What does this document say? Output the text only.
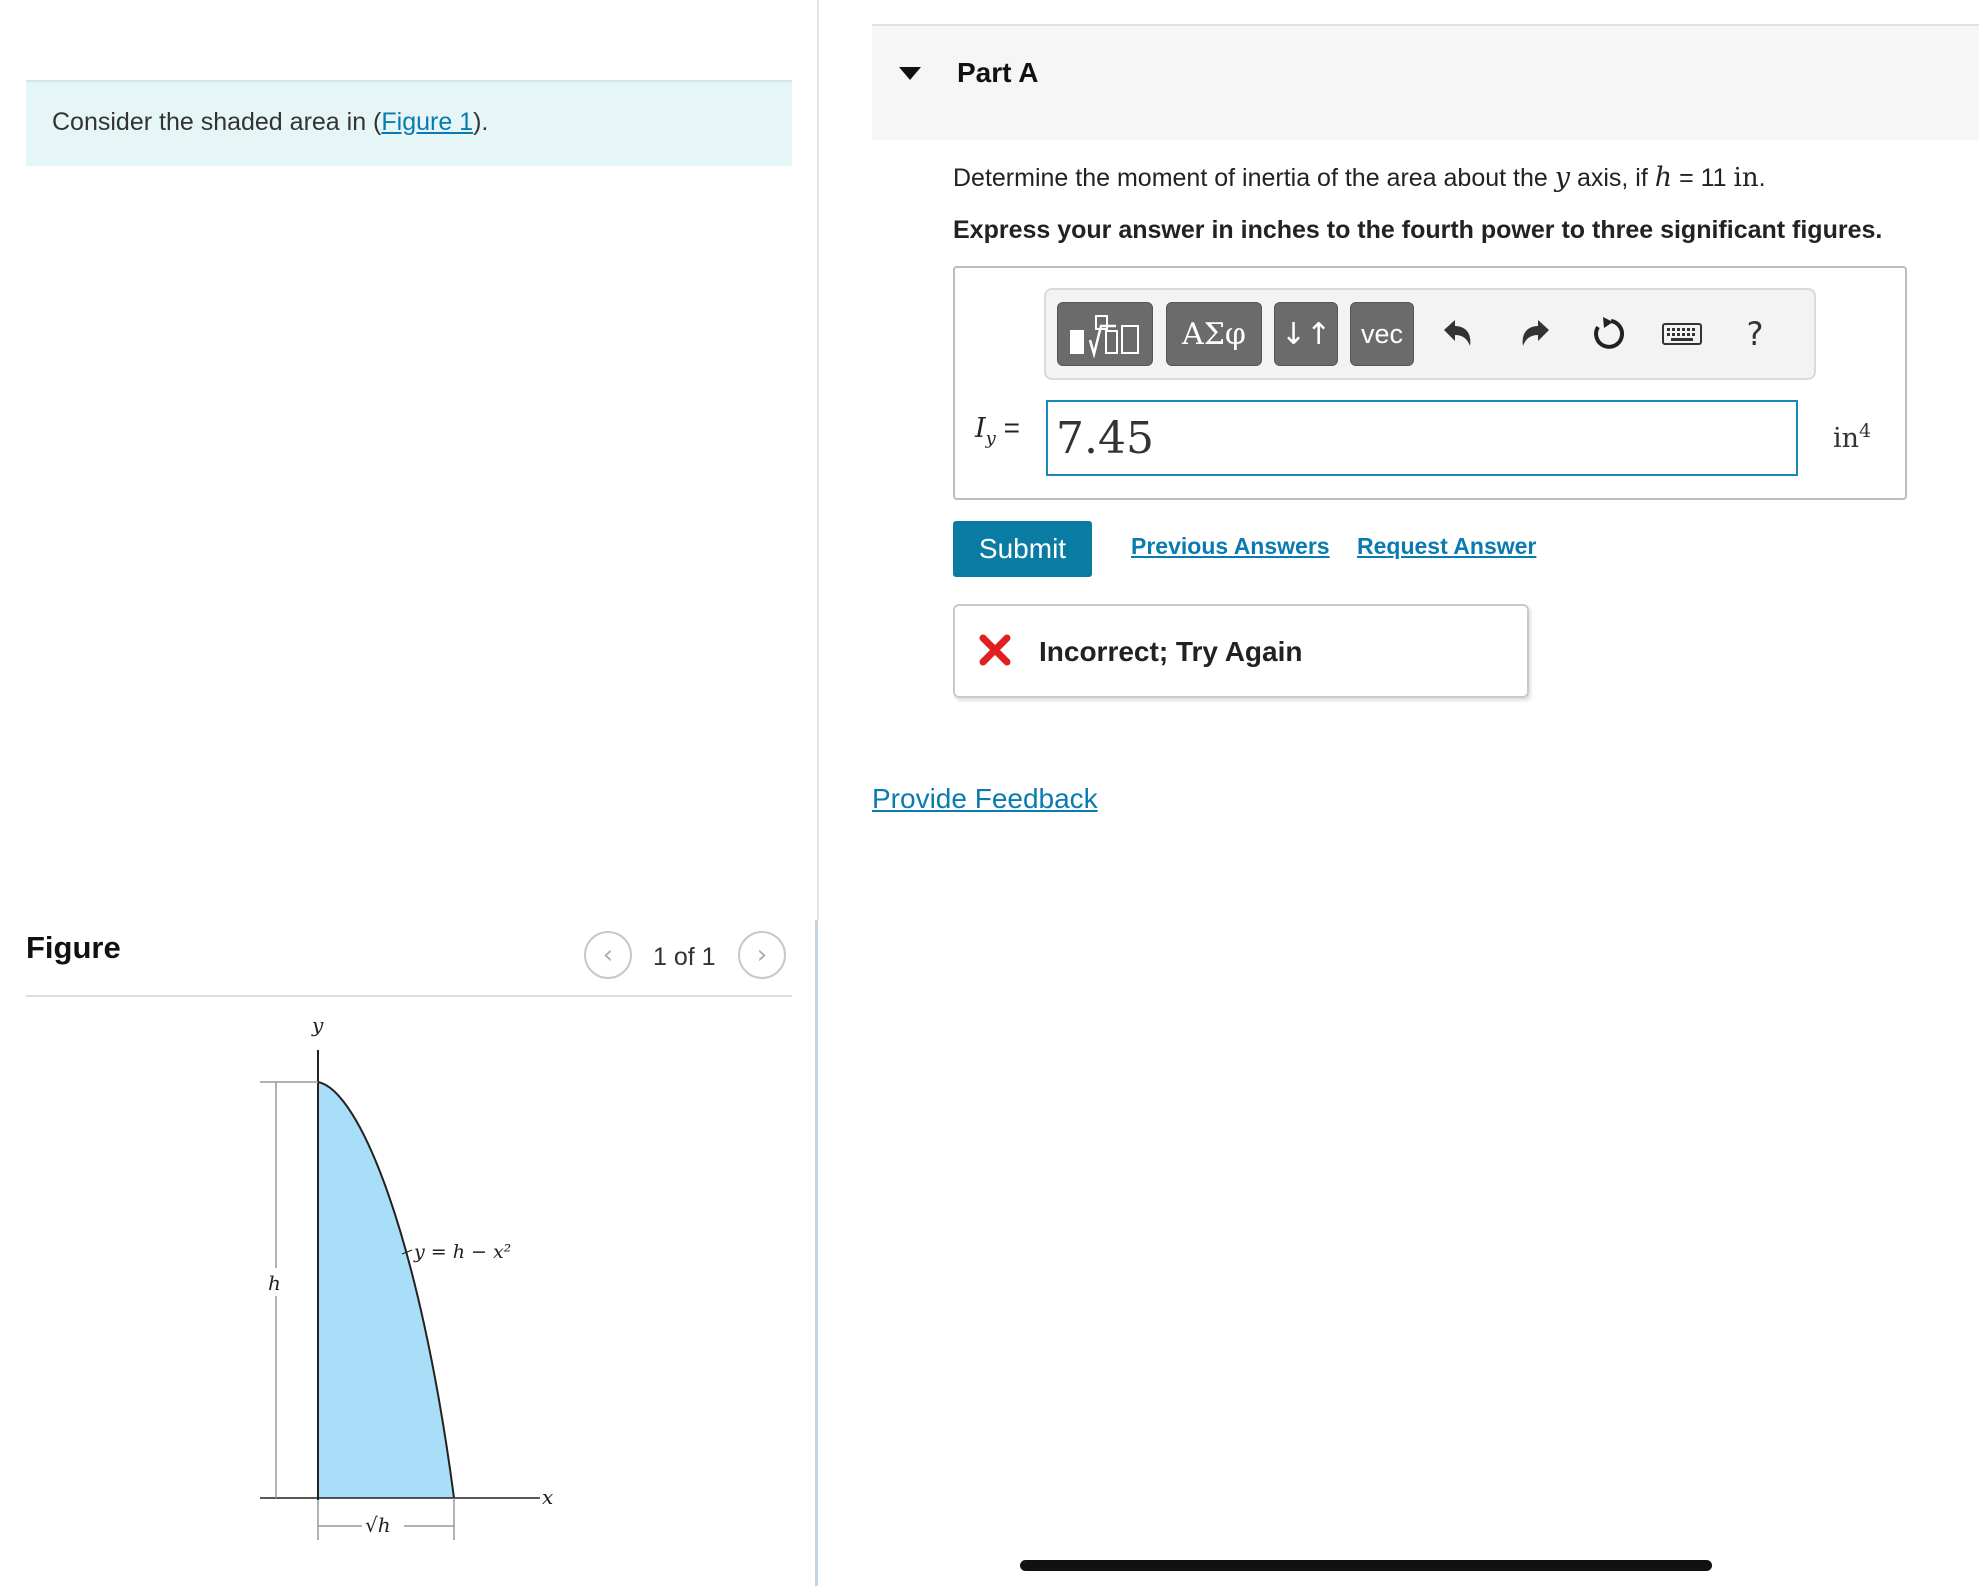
Consider the shaded area in (Figure 1).
Figure	‹ 1 of 1 ›
y
x
h
√h
y = h − x²
Part A
Determine the moment of inertia of the area about the y axis, if h = 11 in.
Express your answer in inches to the fourth power to three significant figures.
ΑΣφ	↓↑	vec	?
$I_y$ =
7.45	$in^4$
Submit	Previous Answers Request Answer
Incorrect; Try Again
Provide Feedback
